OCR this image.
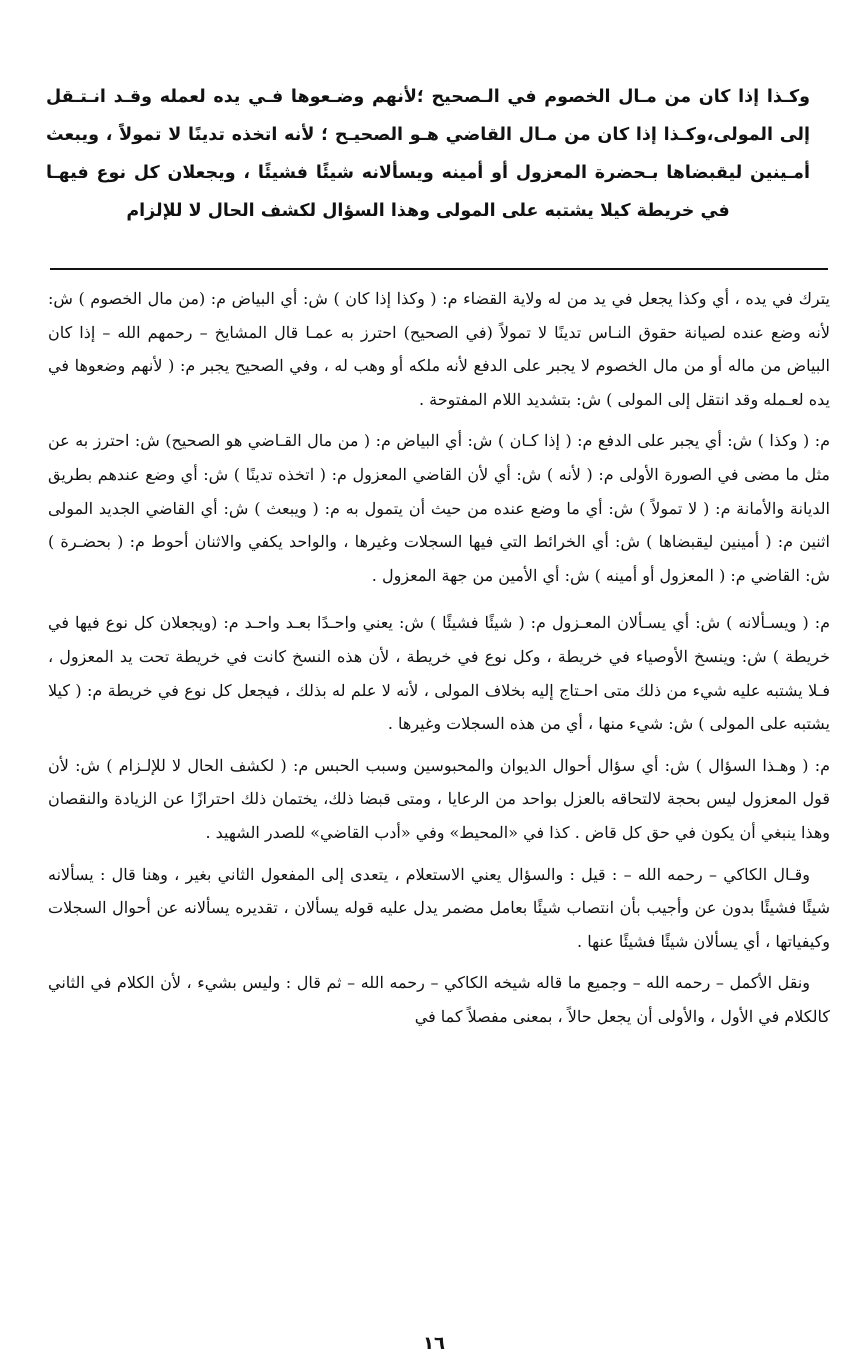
وكـذا إذا كان من مـال الخصوم في الـصحيح ؛لأنهم وضـعوها فـي يده لعمله وقـد انـتـقل إلى المولى،وكـذا إذا كان من مـال القاضي هـو الصحيـح ؛ لأنه اتخذه تدينًا لا تمولاً ، ويبعث أمـينين ليقبضاها بـحضرة المعزول أو أمينه ويسألانه شيئًا فشيئًا ، ويجعلان كل نوع فيهـا في خريطة كيلا يشتبه على المولى وهذا السؤال لكشف الحال لا للإلزام

يترك في يده ، أي وكذا يجعل في يد من له ولاية القضاء م: ( وكذا إذا كان ) ش: أي البياض م: (من مال الخصوم ) ش: لأنه وضع عنده لصيانة حقوق النـاس تدينًا لا تمولاً (في الصحيح) احترز به عمـا قال المشايخ – رحمهم الله – إذا كان البياض من ماله أو من مال الخصوم لا يجبر على الدفع لأنه ملكه أو وهب له ، وفي الصحيح يجبر م: ( لأنهم وضعوها في يده لعـمله وقد انتقل إلى المولى ) ش: بتشديد اللام المفتوحة .

م: ( وكذا ) ش: أي يجبر على الدفع م: ( إذا كـان ) ش: أي البياض م: ( من مال القـاضي هو الصحيح) ش: احترز به عن مثل ما مضى في الصورة الأولى م: ( لأنه ) ش: أي لأن القاضي المعزول م: ( اتخذه تدينًا ) ش: أي وضع عندهم بطريق الديانة والأمانة م: ( لا تمولاً ) ش: أي ما وضع عنده من حيث أن يتمول به م: ( ويبعث ) ش: أي القاضي الجديد المولى اثنين م: ( أمينين ليقبضاها ) ش: أي الخرائط التي فيها السجلات وغيرها ، والواحد يكفي والاثنان أحوط م: ( بحضـرة ) ش: القاضي م: ( المعزول أو أمينه ) ش: أي الأمين من جهة المعزول .

م: ( ويسـألانه ) ش: أي يسـألان المعـزول م: ( شيئًا فشيئًا ) ش: يعني واحـدًا بعـد واحـد م: (ويجعلان كل نوع فيها في خريطة ) ش: وينسخ الأوصياء في خريطة ، وكل نوع في خريطة ، لأن هذه النسخ كانت في خريطة تحت يد المعزول ، فـلا يشتبه عليه شيء من ذلك متى احـتاج إليه بخلاف المولى ، لأنه لا علم له بذلك ، فيجعل كل نوع في خريطة م: ( كيلا يشتبه على المولى ) ش: شيء منها ، أي من هذه السجلات وغيرها .

م: ( وهـذا السؤال ) ش: أي سؤال أحوال الديوان والمحبوسين وسبب الحبس م: ( لكشف الحال لا للإلـزام ) ش: لأن قول المعزول ليس بحجة لالتحاقه بالعزل بواحد من الرعايا ، ومتى قبضا ذلك، يختمان ذلك احترازًا عن الزيادة والنقصان وهذا ينبغي أن يكون في حق كل قاض . كذا في «المحيط» وفي «أدب القاضي» للصدر الشهيد .

وقـال الكاكي – رحمه الله – : قيل : والسؤال يعني الاستعلام ، يتعدى إلى المفعول الثاني بغير ، وهنا قال : يسألانه شيئًا فشيئًا بدون عن وأجيب بأن انتصاب شيئًا بعامل مضمر يدل عليه قوله يسألان ، تقديره يسألانه عن أحوال السجلات وكيفياتها ، أي يسألان شيئًا فشيئًا عنها .

ونقل الأكمل – رحمه الله – وجميع ما قاله شيخه الكاكي – رحمه الله – ثم قال : وليس بشيء ، لأن الكلام في الثاني كالكلام في الأول ، والأولى أن يجعل حالاً ، بمعنى مفصلاً كما في

١٦
